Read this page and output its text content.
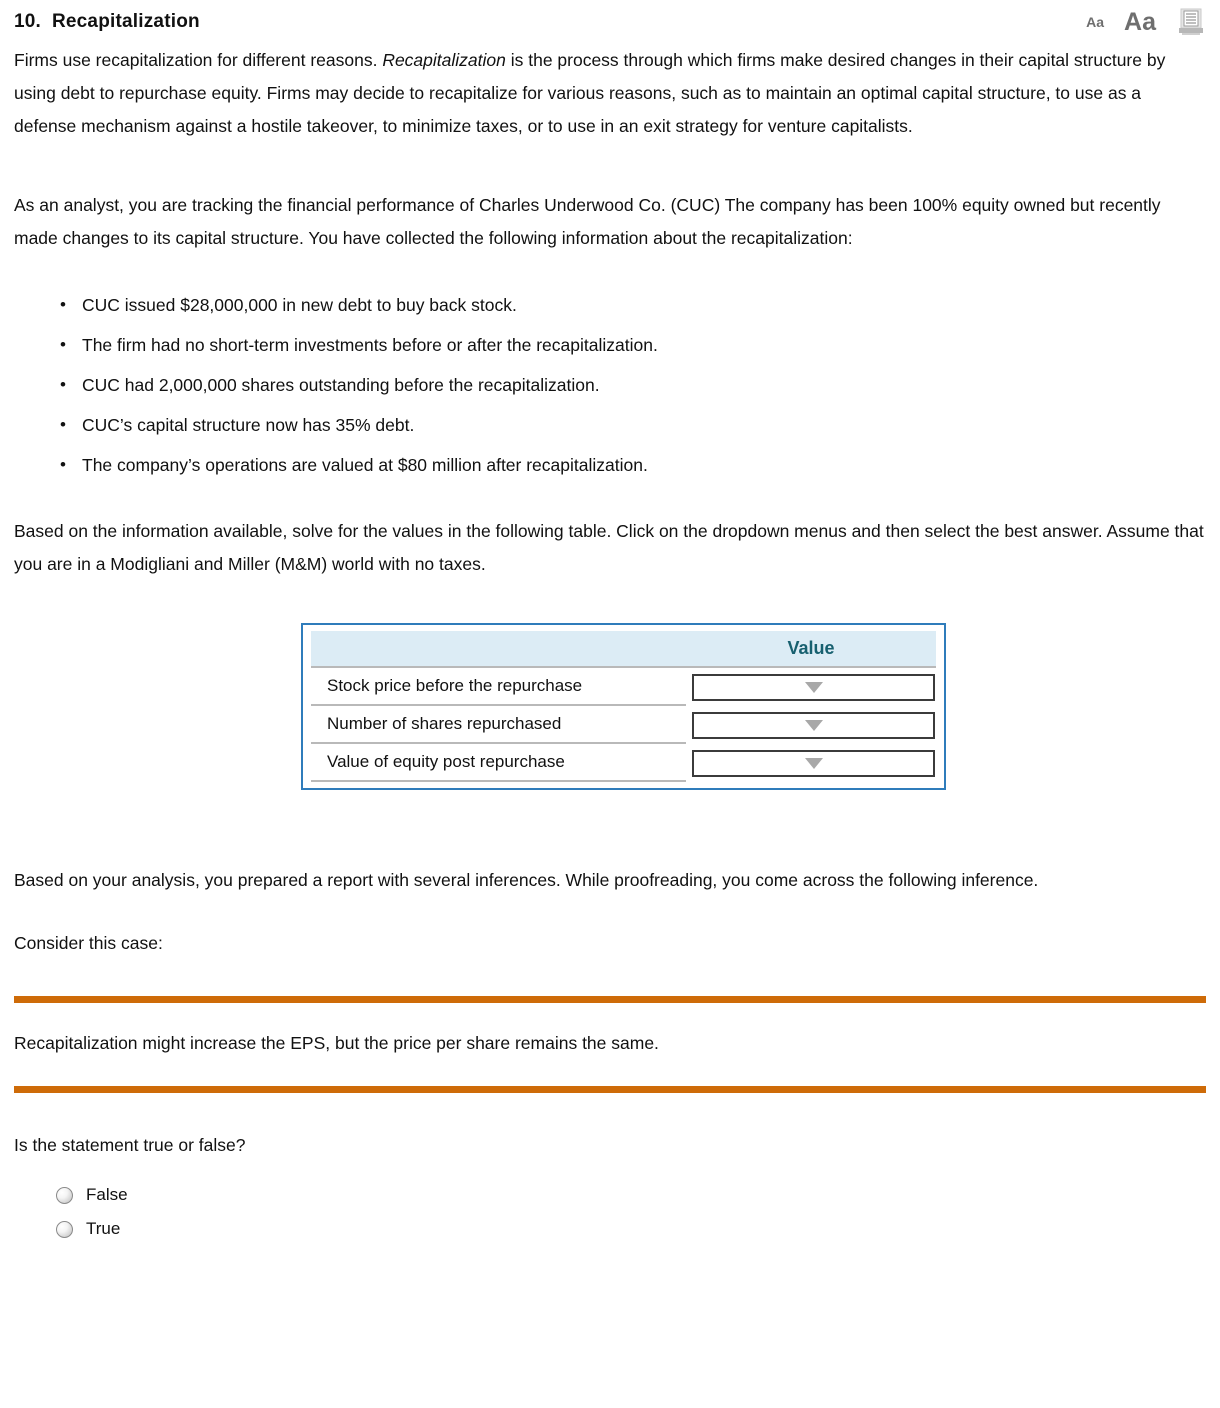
10.  Recapitalization	Aa Aa

Firms use recapitalization for different reasons. Recapitalization is the process through which firms make desired changes in their capital structure by using debt to repurchase equity. Firms may decide to recapitalize for various reasons, such as to maintain an optimal capital structure, to use as a defense mechanism against a hostile takeover, to minimize taxes, or to use in an exit strategy for venture capitalists.

As an analyst, you are tracking the financial performance of Charles Underwood Co. (CUC) The company has been 100% equity owned but recently made changes to its capital structure. You have collected the following information about the recapitalization:

• CUC issued $28,000,000 in new debt to buy back stock.
• The firm had no short-term investments before or after the recapitalization.
• CUC had 2,000,000 shares outstanding before the recapitalization.
• CUC’s capital structure now has 35% debt.
• The company’s operations are valued at $80 million after recapitalization.

Based on the information available, solve for the values in the following table. Click on the dropdown menus and then select the best answer. Assume that you are in a Modigliani and Miller (M&M) world with no taxes.

	Value
Stock price before the repurchase	

Number of shares repurchased	

Value of equity post repurchase	

Based on your analysis, you prepared a report with several inferences. While proofreading, you come across the following inference.

Consider this case:

Recapitalization might increase the EPS, but the price per share remains the same.

Is the statement true or false?

False
True
